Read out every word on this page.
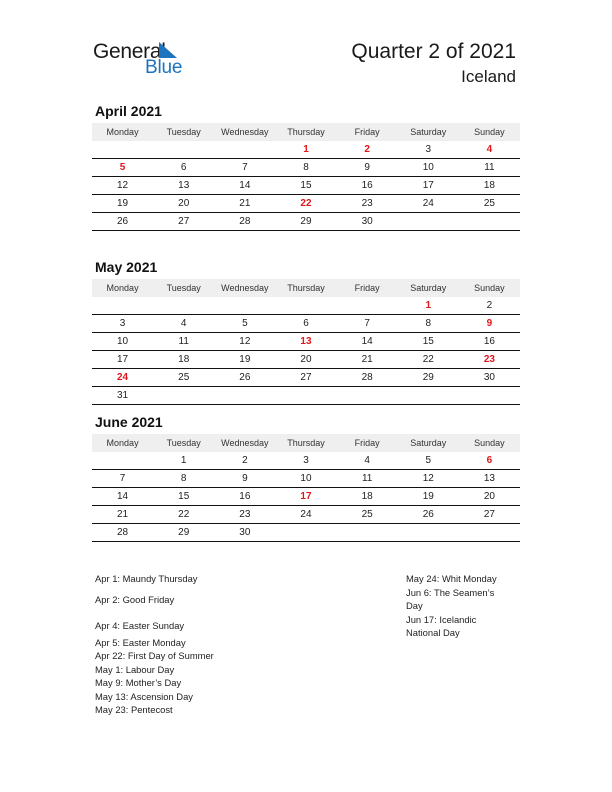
General
Blue
Quarter 2 of 2021
Iceland
April 2021
Monday	Tuesday	Wednesday	Thursday	Friday	Saturday	Sunday
			1	2	3	4
5	6	7	8	9	10	11
12	13	14	15	16	17	18
19	20	21	22	23	24	25
26	27	28	29	30		
May 2021
Monday	Tuesday	Wednesday	Thursday	Friday	Saturday	Sunday
					1	2
3	4	5	6	7	8	9
10	11	12	13	14	15	16
17	18	19	20	21	22	23
24	25	26	27	28	29	30
31						
June 2021
Monday	Tuesday	Wednesday	Thursday	Friday	Saturday	Sunday
	1	2	3	4	5	6
7	8	9	10	11	12	13
14	15	16	17	18	19	20
21	22	23	24	25	26	27
28	29	30				
Apr 1: Maundy Thursday
Apr 2: Good Friday
Apr 4: Easter Sunday
Apr 5: Easter Monday
Apr 22: First Day of Summer
May 1: Labour Day
May 9: Mother’s Day
May 13: Ascension Day
May 23: Pentecost
May 24: Whit Monday
Jun 6: The Seamen’s
Day
Jun 17: Icelandic
National Day
